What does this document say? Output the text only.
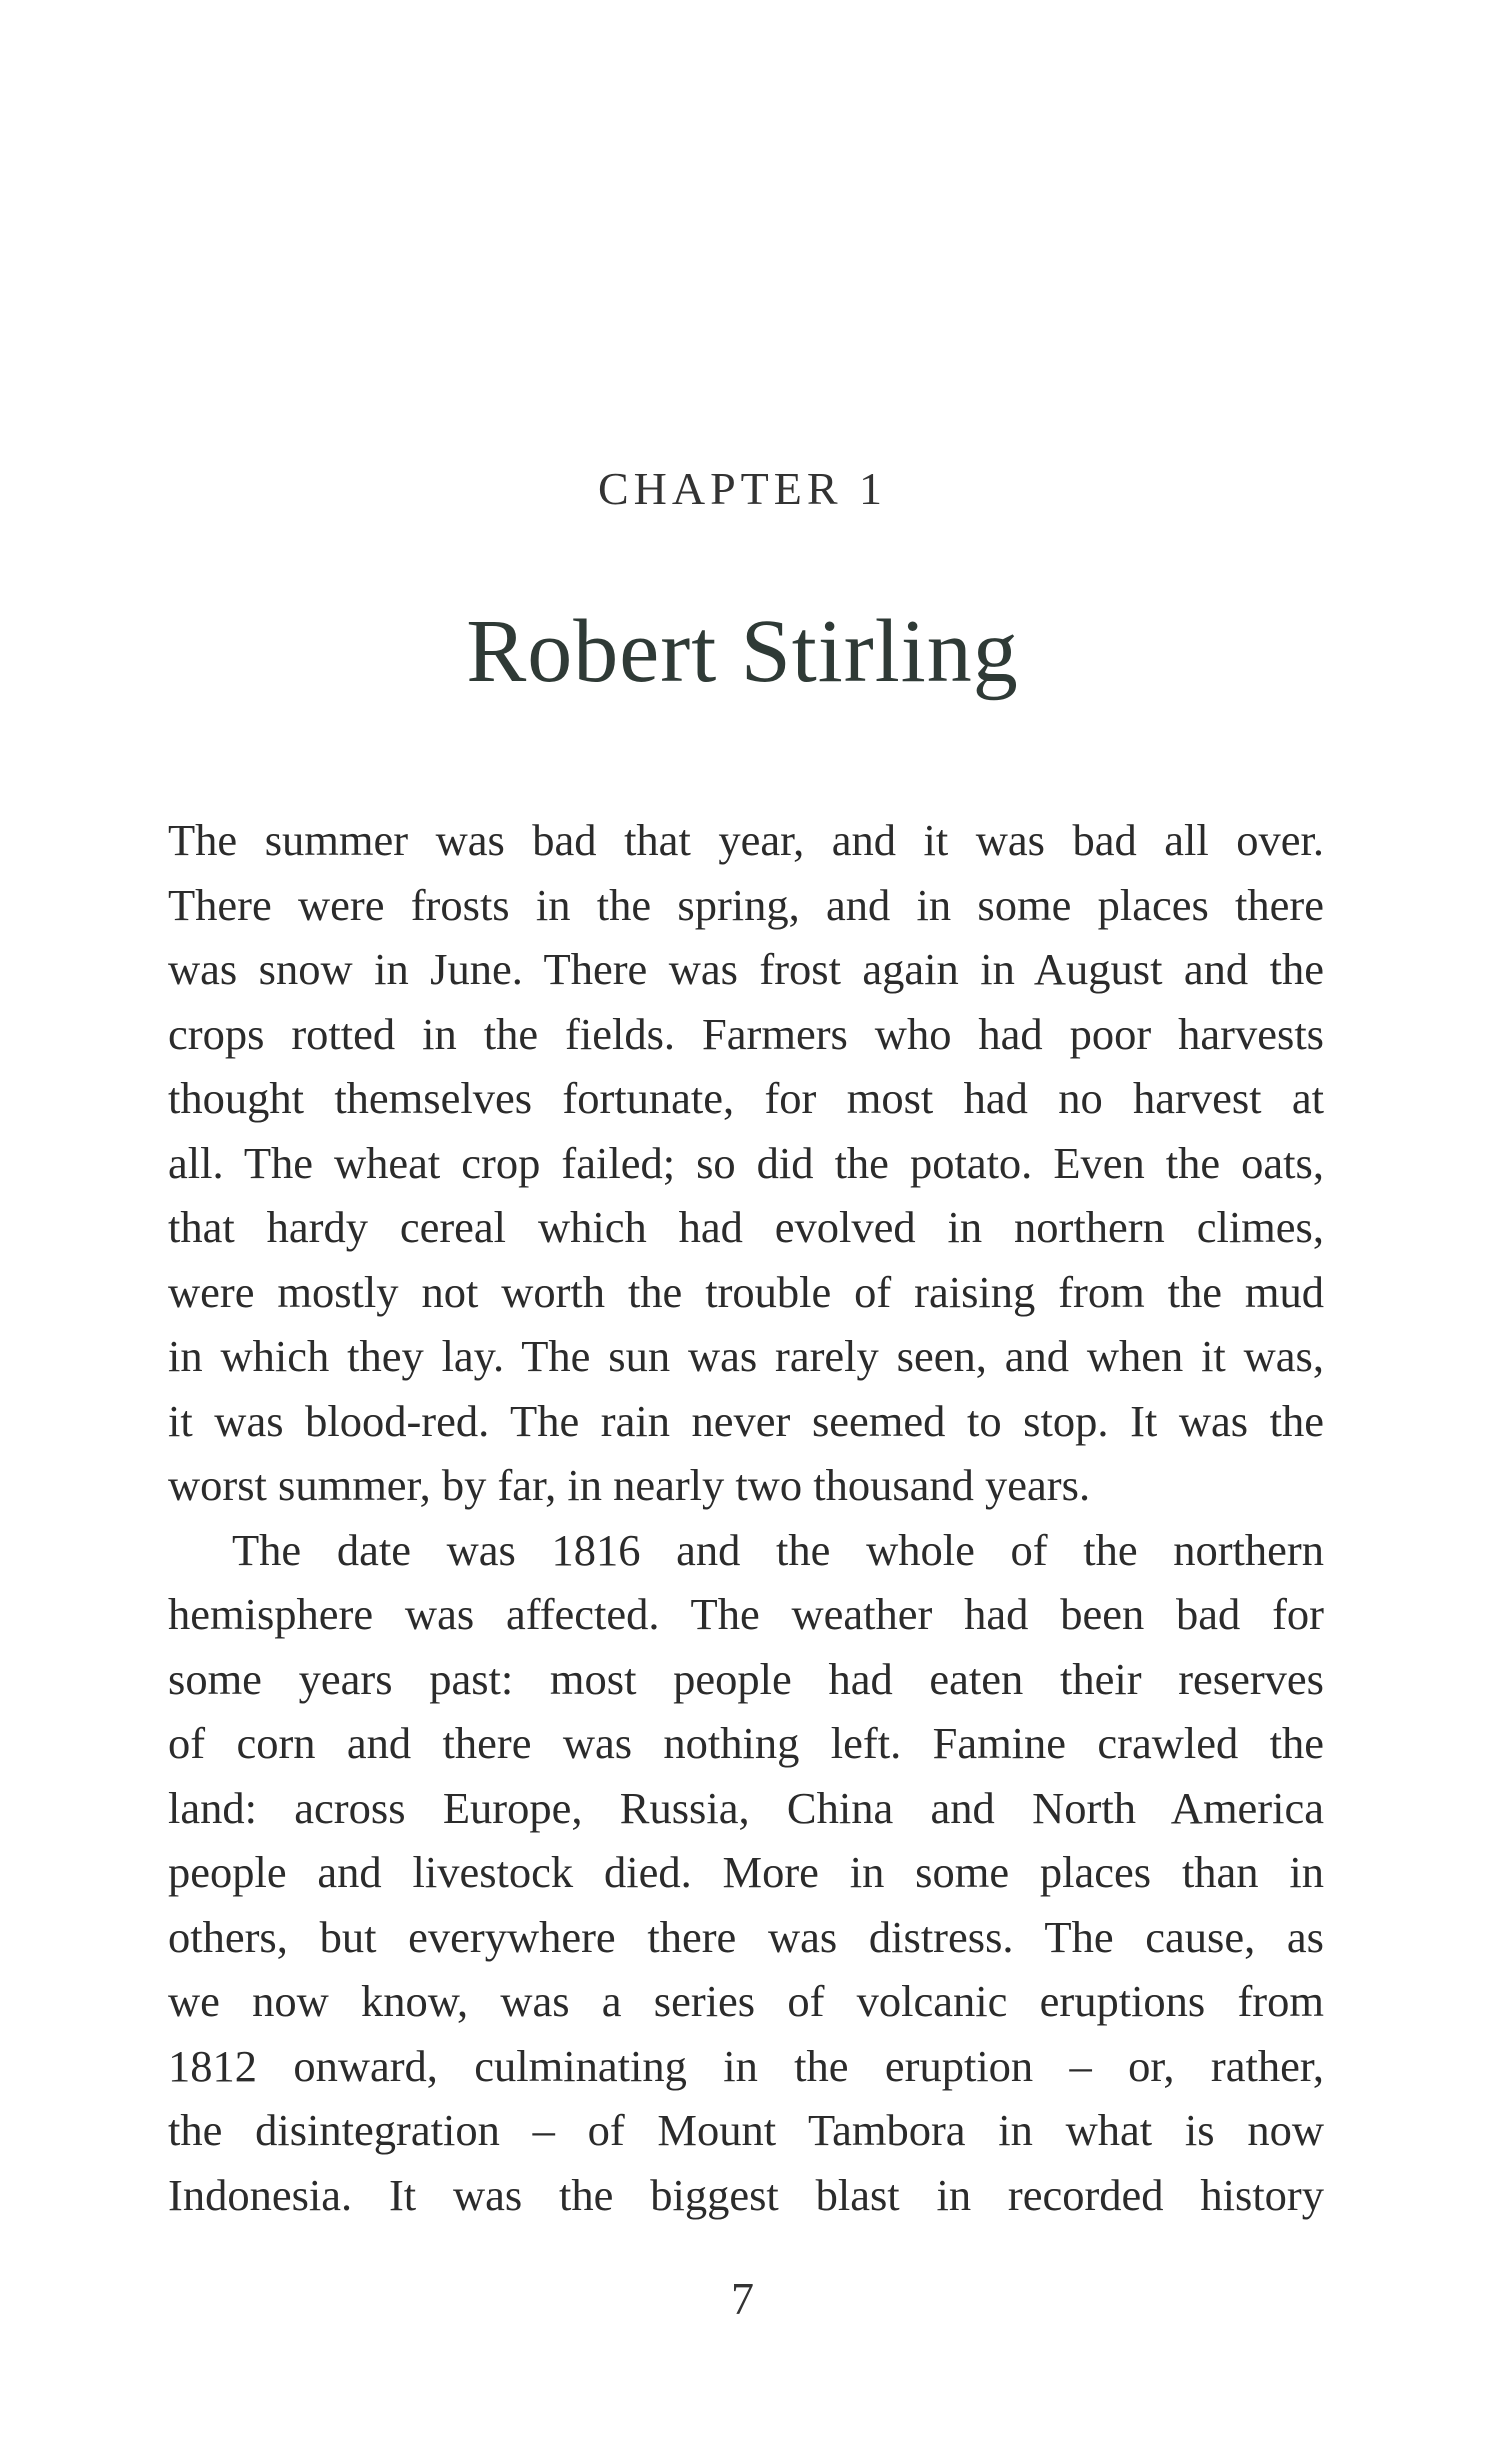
CHAPTER 1
Robert Stirling
The summer was bad that year, and it was bad all over.
There were frosts in the spring, and in some places there
was snow in June. There was frost again in August and the
crops rotted in the fields. Farmers who had poor harvests
thought themselves fortunate, for most had no harvest at
all. The wheat crop failed; so did the potato. Even the oats,
that hardy cereal which had evolved in northern climes,
were mostly not worth the trouble of raising from the mud
in which they lay. The sun was rarely seen, and when it was,
it was blood-red. The rain never seemed to stop. It was the
worst summer, by far, in nearly two thousand years.
The date was 1816 and the whole of the northern
hemisphere was affected. The weather had been bad for
some years past: most people had eaten their reserves
of corn and there was nothing left. Famine crawled the
land: across Europe, Russia, China and North America
people and livestock died. More in some places than in
others, but everywhere there was distress. The cause, as
we now know, was a series of volcanic eruptions from
1812 onward, culminating in the eruption – or, rather,
the disintegration – of Mount Tambora in what is now
Indonesia. It was the biggest blast in recorded history
7
